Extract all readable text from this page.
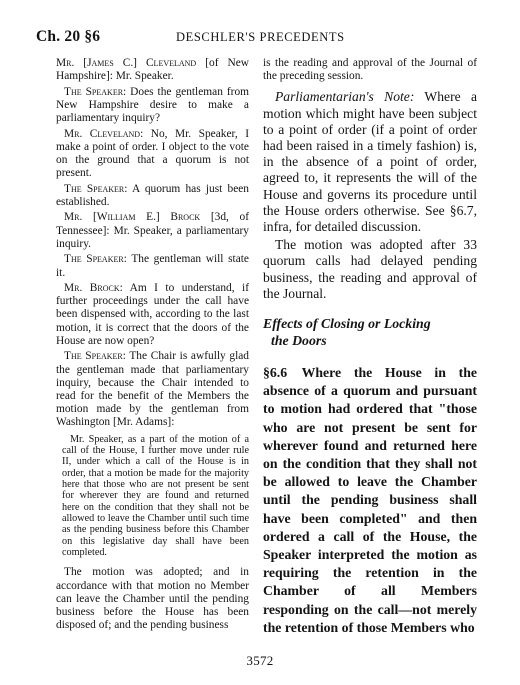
Ch. 20 §6	DESCHLER'S PRECEDENTS

Mr. [James C.] Cleveland [of New Hampshire]: Mr. Speaker.

The Speaker: Does the gentleman from New Hampshire desire to make a parliamentary inquiry?

Mr. Cleveland: No, Mr. Speaker, I make a point of order. I object to the vote on the ground that a quorum is not present.

The Speaker: A quorum has just been established.

Mr. [William E.] Brock [3d, of Tennessee]: Mr. Speaker, a parliamentary inquiry.

The Speaker: The gentleman will state it.

Mr. Brock: Am I to understand, if further proceedings under the call have been dispensed with, according to the last motion, it is correct that the doors of the House are now open?

The Speaker: The Chair is awfully glad the gentleman made that parliamentary inquiry, because the Chair intended to read for the benefit of the Members the motion made by the gentleman from Washington [Mr. Adams]:

Mr. Speaker, as a part of the motion of a call of the House, I further move under rule II, under which a call of the House is in order, that a motion be made for the majority here that those who are not present be sent for wherever they are found and returned here on the condition that they shall not be allowed to leave the Chamber until such time as the pending business before this Chamber on this legislative day shall have been completed.

The motion was adopted; and in accordance with that motion no Member can leave the Chamber until the pending business before the House has been disposed of; and the pending business

is the reading and approval of the Journal of the preceding session.

Parliamentarian's Note: Where a motion which might have been subject to a point of order (if a point of order had been raised in a timely fashion) is, in the absence of a point of order, agreed to, it represents the will of the House and governs its procedure until the House orders otherwise. See §6.7, infra, for detailed discussion.

The motion was adopted after 33 quorum calls had delayed pending business, the reading and approval of the Journal.

Effects of Closing or Locking
the Doors

§6.6 Where the House in the absence of a quorum and pursuant to motion had ordered that "those who are not present be sent for wherever found and returned here on the condition that they shall not be allowed to leave the Chamber until the pending business shall have been completed" and then ordered a call of the House, the Speaker interpreted the motion as requiring the retention in the Chamber of all Members responding on the call—not merely the retention of those Members who

3572
